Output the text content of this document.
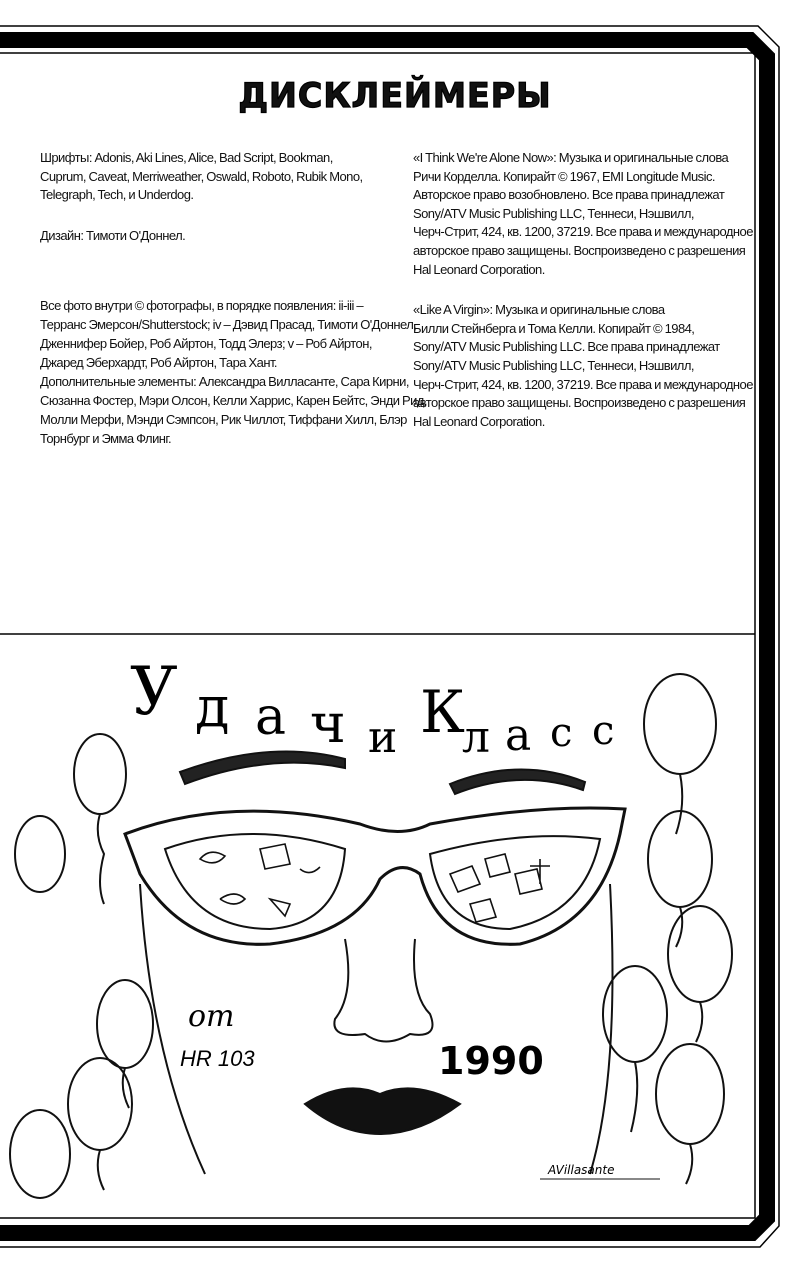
ДИСКЛЕЙМЕРЫ

Шрифты: Adonis, Aki Lines, Alice, Bad Script, Bookman,
Cuprum, Caveat, Merriweather, Oswald, Roboto, Rubik Mono,
Telegraph, Tech, и Underdog.

Дизайн: Тимоти О'Доннел.

Все фото внутри © фотографы, в порядке появления: ii-iii –
Терранс Эмерсон/Shutterstock; iv – Дэвид Прасад, Тимоти О'Доннел,
Дженнифер Бойер, Роб Айртон, Тодд Элерз; v – Роб Айртон,
Джаред Эберхардт, Роб Айртон, Тара Хант.
Дополнительные элементы: Александра Вилласанте, Сара Кирни,
Сюзанна Фостер, Мэри Олсон, Келли Харрис, Карен Бейтс, Энди Рид,
Молли Мерфи, Мэнди Сэмпсон, Рик Чиллот, Тиффани Хилл, Блэр
Торнбург и Эмма Флинг.

«I Think We're Alone Now»: Музыка и оригинальные слова
Ричи Корделла. Копирайт © 1967, EMI Longitude Music.
Авторское право возобновлено. Все права принадлежат
Sony/ATV Music Publishing LLC, Теннеси, Нэшвилл,
Черч-Стрит, 424, кв. 1200, 37219. Все права и международное
авторское право защищены. Воспроизведено с разрешения
Hal Leonard Corporation.

«Like A Virgin»: Музыка и оригинальные слова
Билли Стейнберга и Тома Келли. Копирайт © 1984,
Sony/ATV Music Publishing LLC. Все права принадлежат
Sony/ATV Music Publishing LLC, Теннеси, Нэшвилл,
Черч-Стрит, 424, кв. 1200, 37219. Все права и международное
авторское право защищены. Воспроизведено с разрешения
Hal Leonard Corporation.

от
HR 103	1990
AVillasante
У д а ч и Кл а с с
